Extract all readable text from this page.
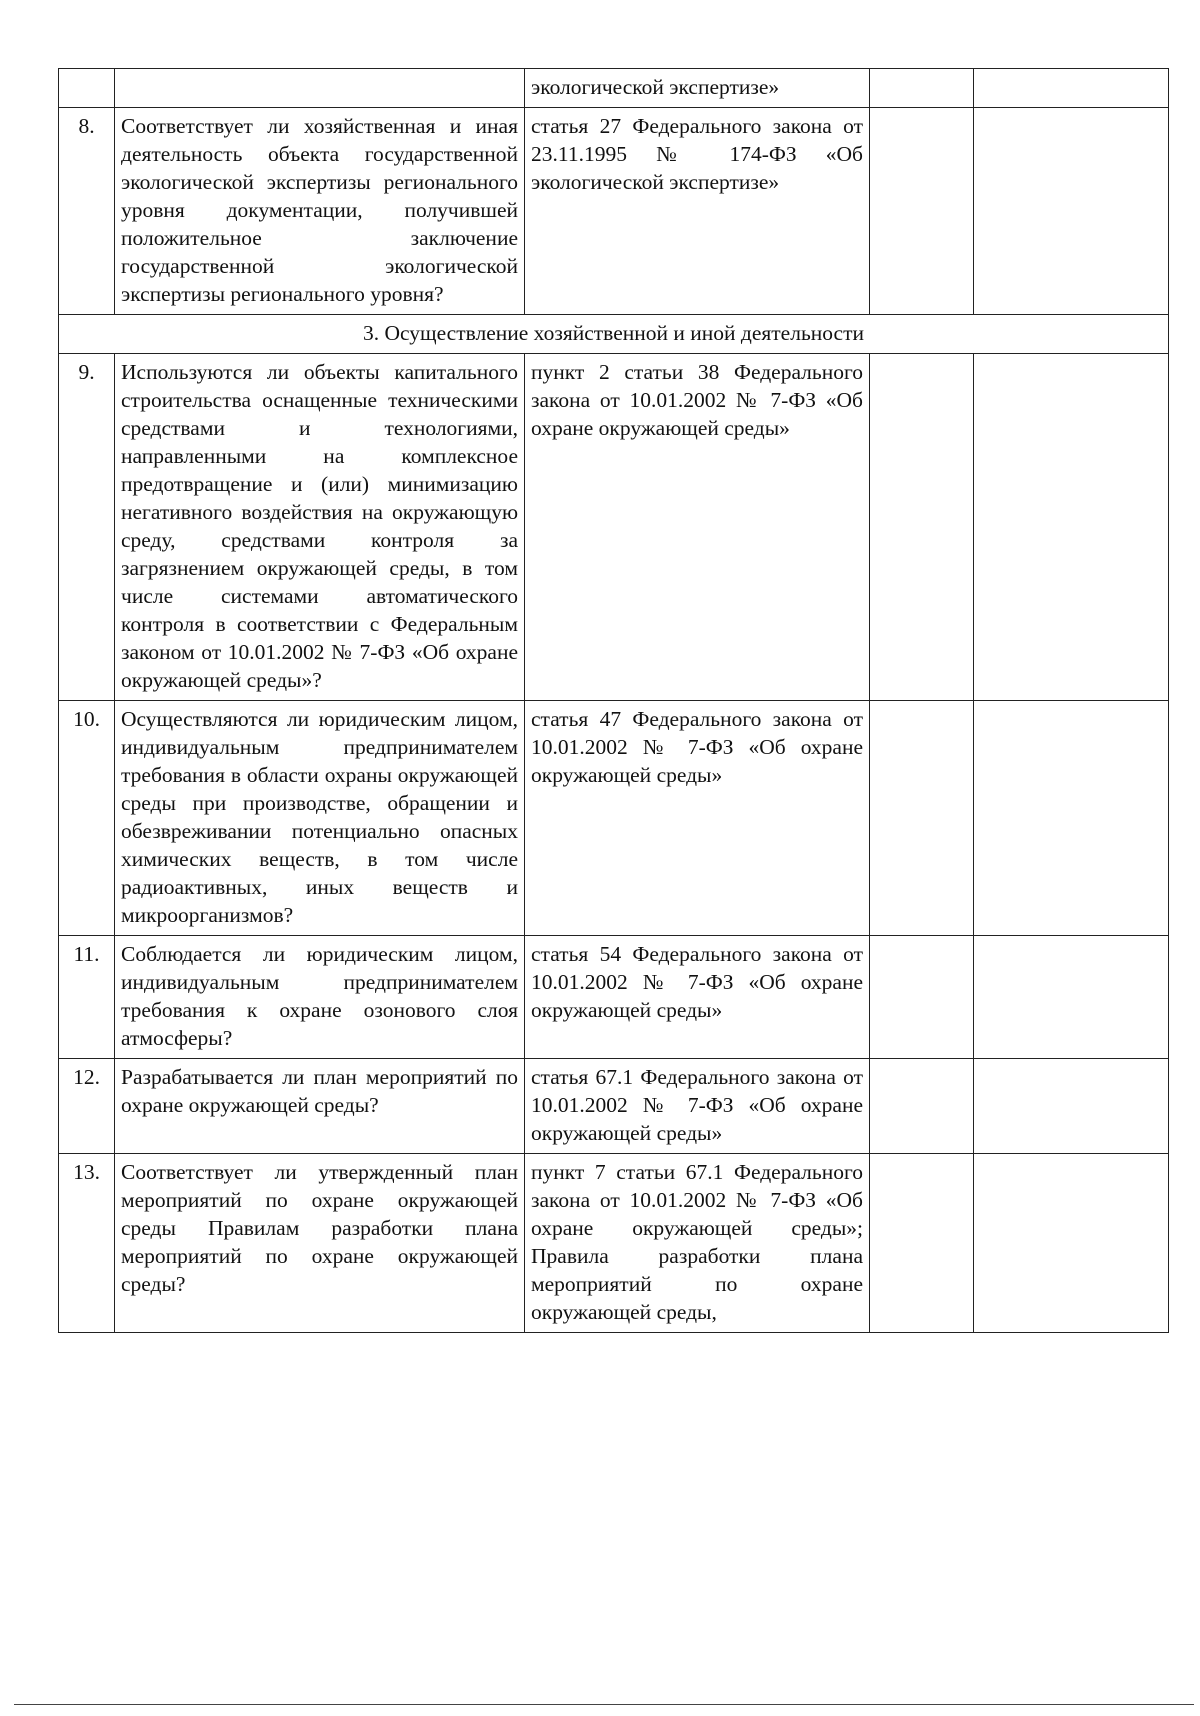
		экологической экспертизе»		
8.	Соответствует ли хозяйственная и иная деятельность объекта государственной экологической экспертизы регионального уровня документации, получившей положительное заключение государственной экологической экспертизы регионального уровня?	статья 27 Федерального закона от 23.11.1995 № 174-ФЗ «Об экологической экспертизе»		
3. Осуществление хозяйственной и иной деятельности				
9.	Используются ли объекты капитального строительства оснащенные техническими средствами и технологиями, направленными на комплексное предотвращение и (или) минимизацию негативного воздействия на окружающую среду, средствами контроля за загрязнением окружающей среды, в том числе системами автоматического контроля в соответствии с Федеральным законом от 10.01.2002 № 7-ФЗ «Об охране окружающей среды»?	пункт 2 статьи 38 Федерального закона от 10.01.2002 № 7-ФЗ «Об охране окружающей среды»		
10.	Осуществляются ли юридическим лицом, индивидуальным предпринимателем требования в области охраны окружающей среды при производстве, обращении и обезвреживании потенциально опасных химических веществ, в том числе радиоактивных, иных веществ и микроорганизмов?	статья 47 Федерального закона от 10.01.2002 № 7-ФЗ «Об охране окружающей среды»		
11.	Соблюдается ли юридическим лицом, индивидуальным предпринимателем требования к охране озонового слоя атмосферы?	статья 54 Федерального закона от 10.01.2002 № 7-ФЗ «Об охране окружающей среды»		
12.	Разрабатывается ли план мероприятий по охране окружающей среды?	статья 67.1 Федерального закона от 10.01.2002 № 7-ФЗ «Об охране окружающей среды»		
13.	Соответствует ли утвержденный план мероприятий по охране окружающей среды Правилам разработки плана мероприятий по охране окружающей среды?	пункт 7 статьи 67.1 Федерального закона от 10.01.2002 № 7-ФЗ «Об охране окружающей среды»; Правила разработки плана мероприятий по охране окружающей среды,		
